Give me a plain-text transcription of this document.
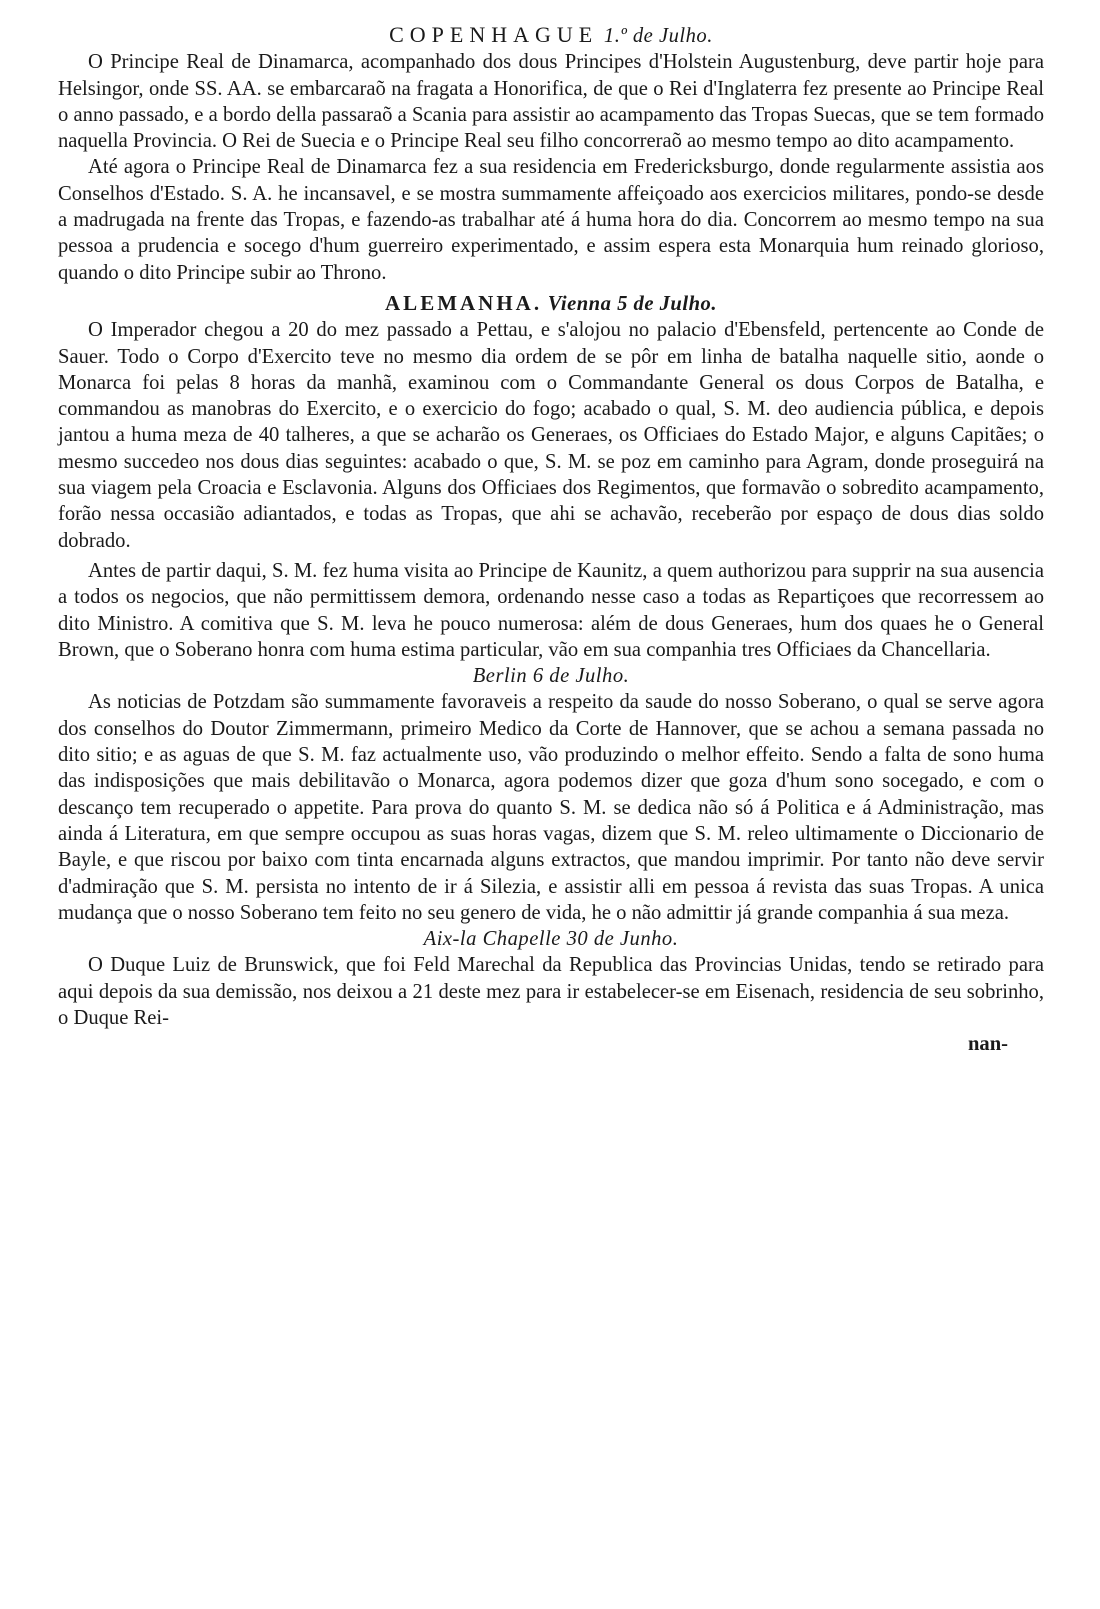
COPENHAGUE 1.º de Julho.

O Principe Real de Dinamarca, acompanhado dos dous Principes d'Holstein Augustenburg, deve partir hoje para Helsingor, onde SS. AA. se embarcaraõ na fragata a Honorifica, de que o Rei d'Inglaterra fez presente ao Principe Real o anno passado, e a bordo della passaraõ a Scania para assistir ao acampamento das Tropas Suecas, que se tem formado naquella Provincia. O Rei de Suecia e o Principe Real seu filho concorreraõ ao mesmo tempo ao dito acampamento.

Até agora o Principe Real de Dinamarca fez a sua residencia em Fredericksburgo, donde regularmente assistia aos Conselhos d'Estado. S. A. he incansavel, e se mostra summamente affeiçoado aos exercicios militares, pondo-se desde a madrugada na frente das Tropas, e fazendo-as trabalhar até á huma hora do dia. Concorrem ao mesmo tempo na sua pessoa a prudencia e socego d'hum guerreiro experimentado, e assim espera esta Monarquia hum reinado glorioso, quando o dito Principe subir ao Throno.

ALEMANHA. Vienna 5 de Julho.

O Imperador chegou a 20 do mez passado a Pettau, e s'alojou no palacio d'Ebensfeld, pertencente ao Conde de Sauer. Todo o Corpo d'Exercito teve no mesmo dia ordem de se pôr em linha de batalha naquelle sitio, aonde o Monarca foi pelas 8 horas da manhã, examinou com o Commandante General os dous Corpos de Batalha, e commandou as manobras do Exercito, e o exercicio do fogo; acabado o qual, S. M. deo audiencia pública, e depois jantou a huma meza de 40 talheres, a que se acharão os Generaes, os Officiaes do Estado Major, e alguns Capitães; o mesmo succedeo nos dous dias seguintes: acabado o que, S. M. se poz em caminho para Agram, donde proseguirá na sua viagem pela Croacia e Esclavonia. Alguns dos Officiaes dos Regimentos, que formavão o sobredito acampamento, forão nessa occasião adiantados, e todas as Tropas, que ahi se achavão, receberão por espaço de dous dias soldo dobrado.

Antes de partir daqui, S. M. fez huma visita ao Principe de Kaunitz, a quem authorizou para supprir na sua ausencia a todos os negocios, que não permittissem demora, ordenando nesse caso a todas as Repartiçoes que recorressem ao dito Ministro. A comitiva que S. M. leva he pouco numerosa: além de dous Generaes, hum dos quaes he o General Brown, que o Soberano honra com huma estima particular, vão em sua companhia tres Officiaes da Chancellaria.

Berlin 6 de Julho.

As noticias de Potzdam são summamente favoraveis a respeito da saude do nosso Soberano, o qual se serve agora dos conselhos do Doutor Zimmermann, primeiro Medico da Corte de Hannover, que se achou a semana passada no dito sitio; e as aguas de que S. M. faz actualmente uso, vão produzindo o melhor effeito. Sendo a falta de sono huma das indisposições que mais debilitavão o Monarca, agora podemos dizer que goza d'hum sono socegado, e com o descanço tem recuperado o appetite. Para prova do quanto S. M. se dedica não só á Politica e á Administração, mas ainda á Literatura, em que sempre occupou as suas horas vagas, dizem que S. M. releo ultimamente o Diccionario de Bayle, e que riscou por baixo com tinta encarnada alguns extractos, que mandou imprimir. Por tanto não deve servir d'admiração que S. M. persista no intento de ir á Silezia, e assistir alli em pessoa á revista das suas Tropas. A unica mudança que o nosso Soberano tem feito no seu genero de vida, he o não admittir já grande companhia á sua meza.

Aix-la Chapelle 30 de Junho.

O Duque Luiz de Brunswick, que foi Feld Marechal da Republica das Provincias Unidas, tendo se retirado para aqui depois da sua demissão, nos deixou a 21 deste mez para ir estabelecer-se em Eisenach, residencia de seu sobrinho, o Duque Rei-

nan-
